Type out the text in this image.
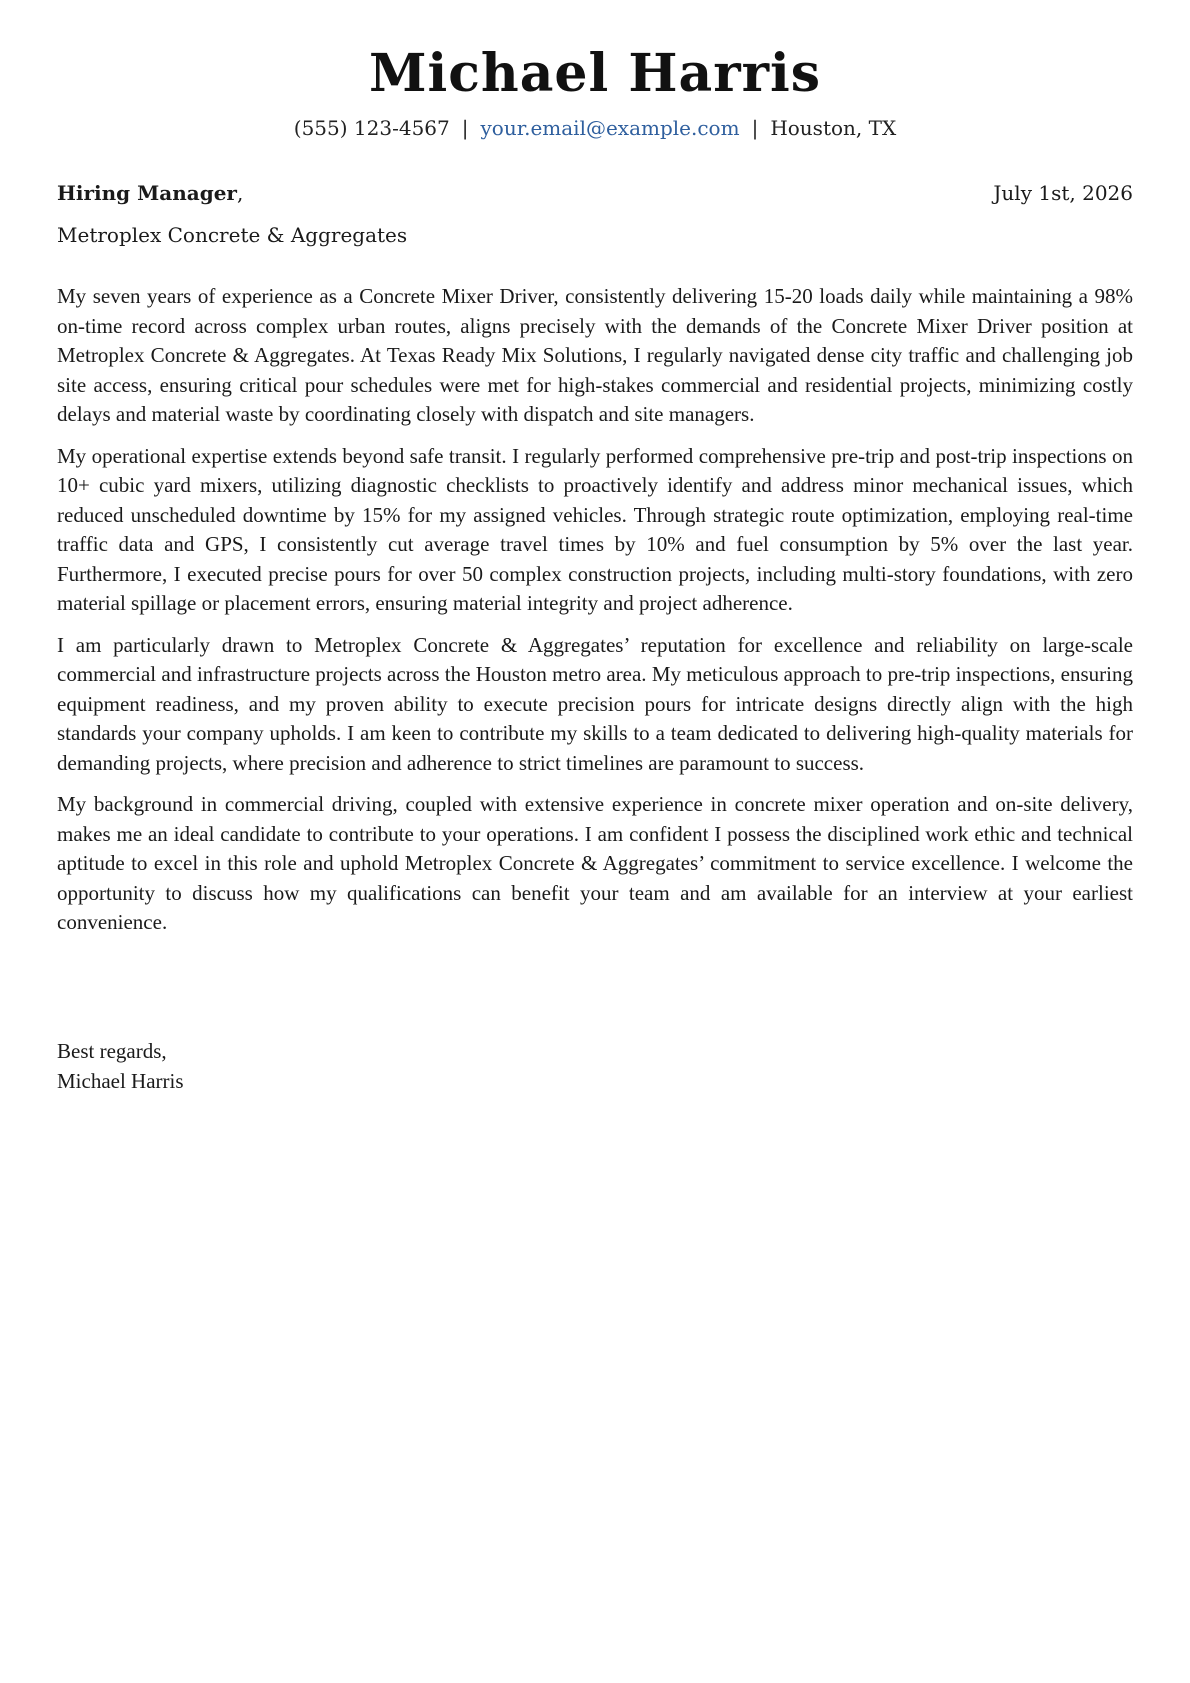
Michael Harris
(555) 123-4567 | your.email@example.com | Houston, TX
Hiring Manager,	July 1st, 2026
Metroplex Concrete & Aggregates

My seven years of experience as a Concrete Mixer Driver, consistently delivering 15-20 loads daily while maintaining a 98% on-time record across complex urban routes, aligns precisely with the demands of the Concrete Mixer Driver position at Metroplex Concrete & Aggregates. At Texas Ready Mix Solutions, I regularly navigated dense city traffic and challenging job site access, ensuring critical pour schedules were met for high-stakes commercial and residential projects, minimizing costly delays and material waste by coordinating closely with dispatch and site managers.

My operational expertise extends beyond safe transit. I regularly performed comprehensive pre-trip and post-trip inspections on 10+ cubic yard mixers, utilizing diagnostic checklists to proactively identify and address minor mechanical issues, which reduced unscheduled downtime by 15% for my assigned vehicles. Through strategic route optimization, employing real-time traffic data and GPS, I consistently cut average travel times by 10% and fuel consumption by 5% over the last year. Furthermore, I executed precise pours for over 50 complex construction projects, including multi-story foundations, with zero material spillage or placement errors, ensuring material integrity and project adherence.

I am particularly drawn to Metroplex Concrete & Aggregates’ reputation for excellence and reliability on large-scale commercial and infrastructure projects across the Houston metro area. My meticulous approach to pre-trip inspections, ensuring equipment readiness, and my proven ability to execute precision pours for intricate designs directly align with the high standards your company upholds. I am keen to contribute my skills to a team dedicated to delivering high-quality materials for demanding projects, where precision and adherence to strict timelines are paramount to success.

My background in commercial driving, coupled with extensive experience in concrete mixer operation and on-site delivery, makes me an ideal candidate to contribute to your operations. I am confident I possess the disciplined work ethic and technical aptitude to excel in this role and uphold Metroplex Concrete & Aggregates’ commitment to service excellence. I welcome the opportunity to discuss how my qualifications can benefit your team and am available for an interview at your earliest convenience.

Best regards,
Michael Harris
